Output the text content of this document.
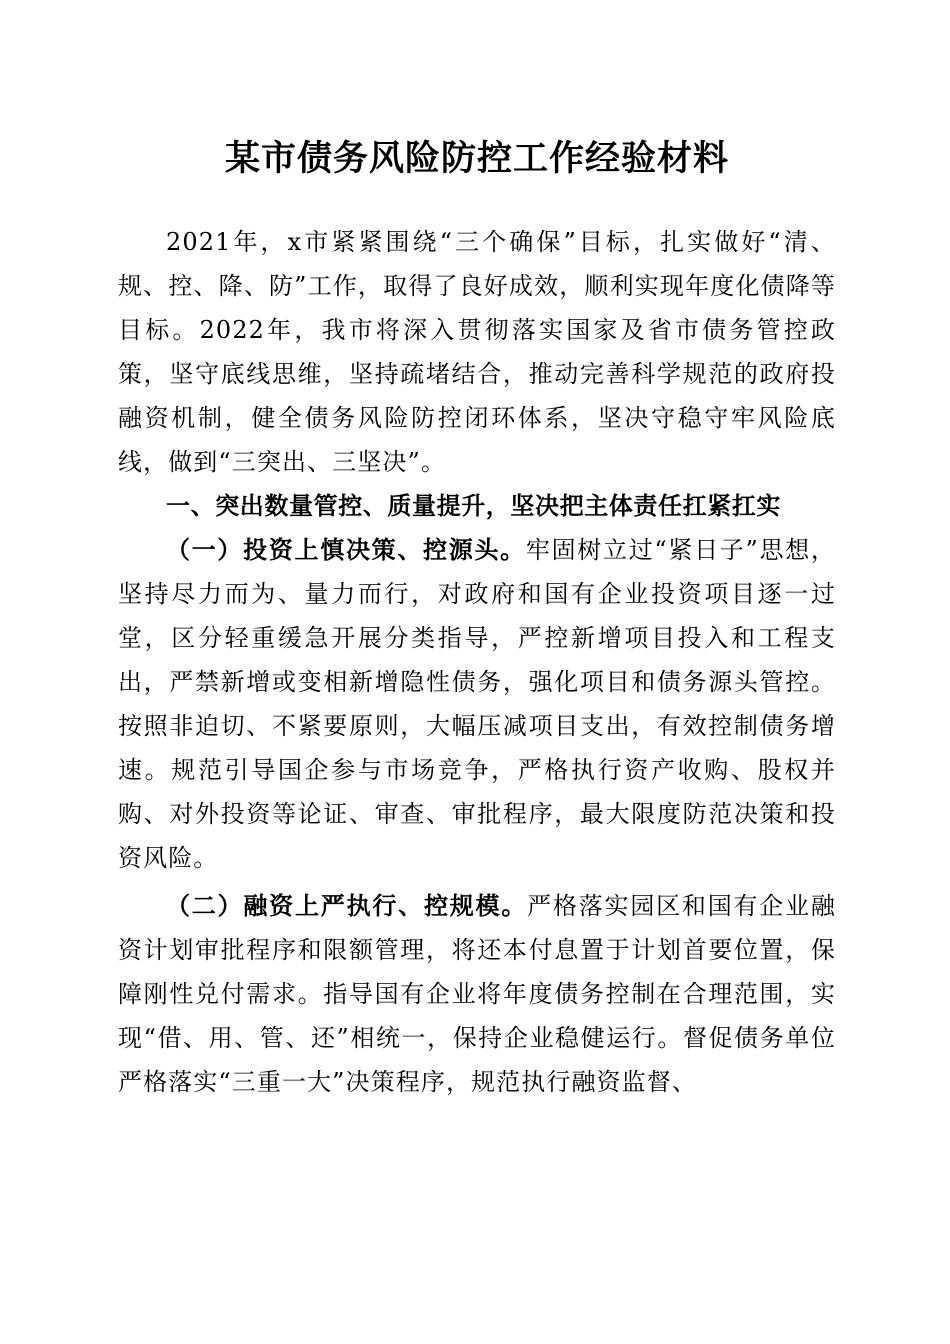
某市债务风险防控工作经验材料

2021年，x市紧紧围绕“三个确保”目标，扎实做好“清、规、控、降、防”工作，取得了良好成效，顺利实现年度化债降等目标。2022年，我市将深入贯彻落实国家及省市债务管控政策，坚守底线思维，坚持疏堵结合，推动完善科学规范的政府投融资机制，健全债务风险防控闭环体系，坚决守稳守牢风险底线，做到“三突出、三坚决”。

一、突出数量管控、质量提升，坚决把主体责任扛紧扛实

（一）投资上慎决策、控源头。牢固树立过“紧日子”思想，坚持尽力而为、量力而行，对政府和国有企业投资项目逐一过堂，区分轻重缓急开展分类指导，严控新增项目投入和工程支出，严禁新增或变相新增隐性债务，强化项目和债务源头管控。按照非迫切、不紧要原则，大幅压减项目支出，有效控制债务增速。规范引导国企参与市场竞争，严格执行资产收购、股权并购、对外投资等论证、审查、审批程序，最大限度防范决策和投资风险。

（二）融资上严执行、控规模。严格落实园区和国有企业融资计划审批程序和限额管理，将还本付息置于计划首要位置，保障刚性兑付需求。指导国有企业将年度债务控制在合理范围，实现“借、用、管、还”相统一，保持企业稳健运行。督促债务单位严格落实“三重一大”决策程序，规范执行融资监督、
